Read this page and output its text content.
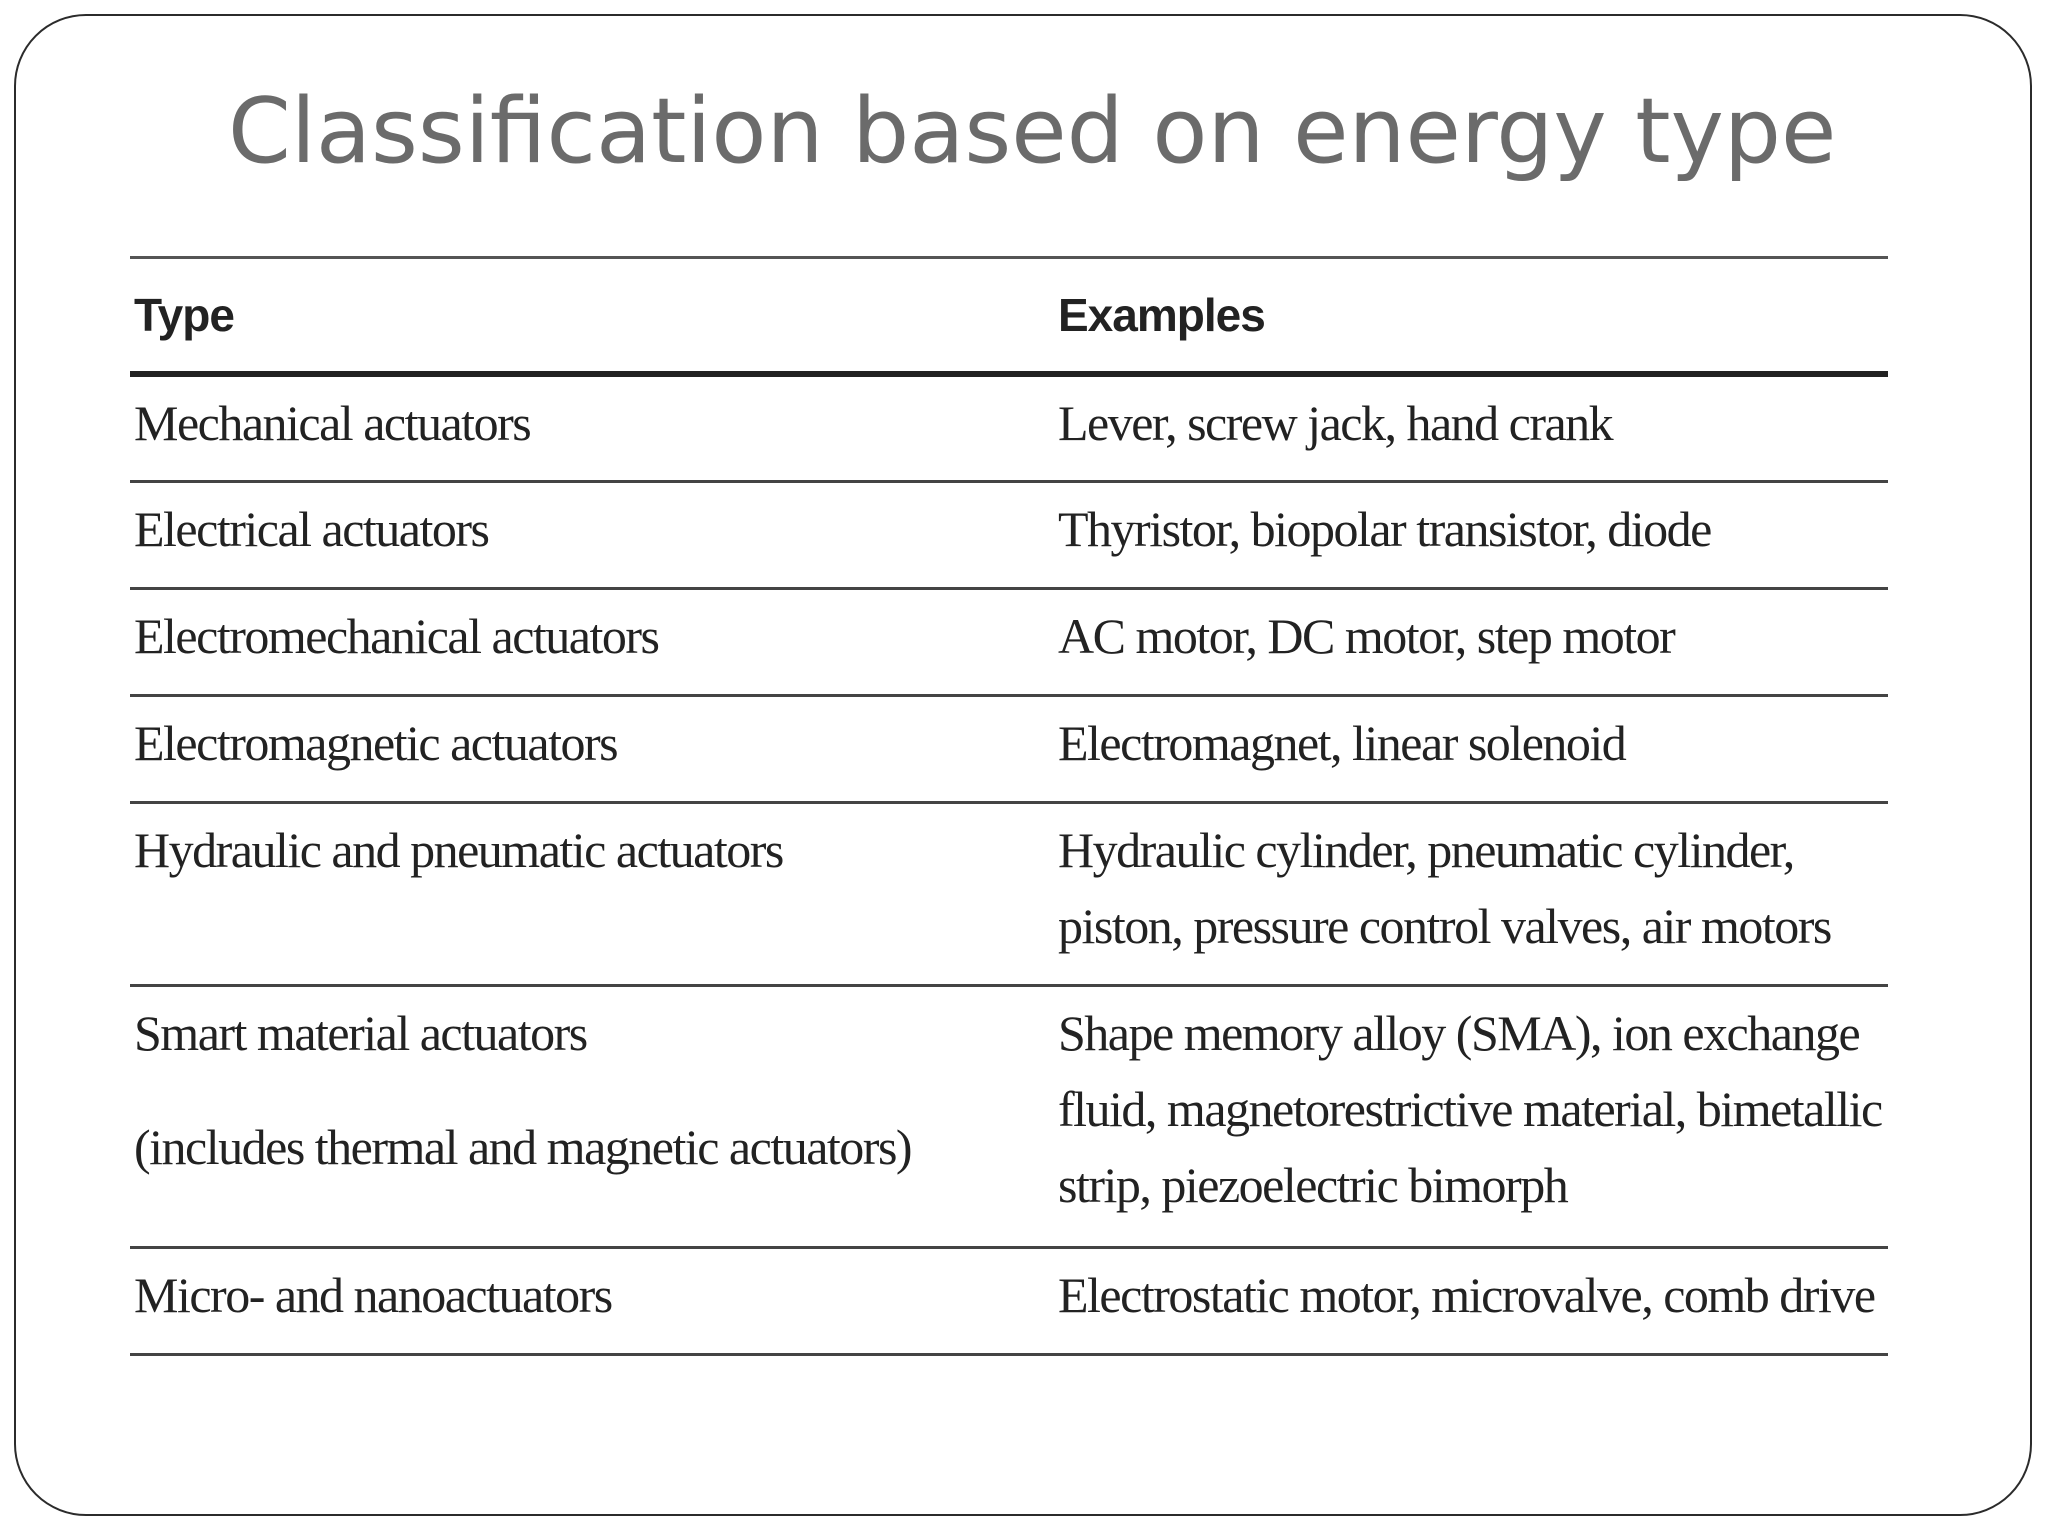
Classification based on energy type
Type	Examples

Mechanical actuators	Lever, screw jack, hand crank

Electrical actuators	Thyristor, biopolar transistor, diode

Electromechanical actuators	AC motor, DC motor, step motor

Electromagnetic actuators	Electromagnet, linear solenoid

Hydraulic and pneumatic actuators	Hydraulic cylinder, pneumatic cylinder,
piston, pressure control valves, air motors

Smart material actuators
(includes thermal and magnetic actuators)	Shape memory alloy (SMA), ion exchange
fluid, magnetorestrictive material, bimetallic
strip, piezoelectric bimorph

Micro- and nanoactuators	Electrostatic motor, microvalve, comb drive
